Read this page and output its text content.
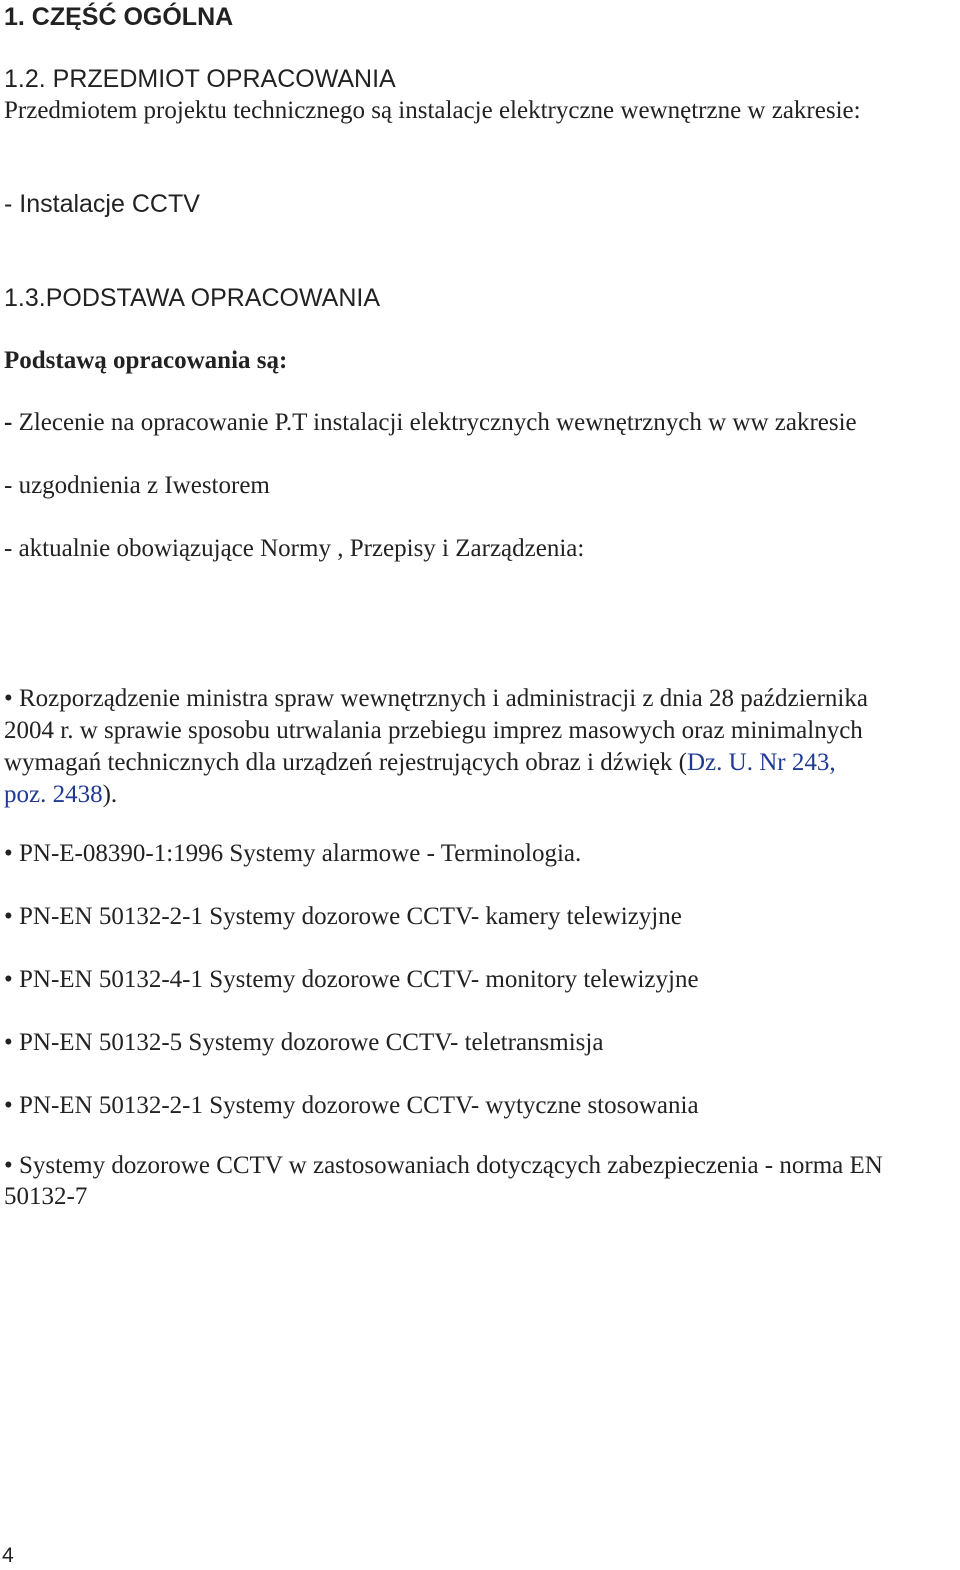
1. CZĘŚĆ OGÓLNA
1.2. PRZEDMIOT OPRACOWANIA
Przedmiotem projektu technicznego są instalacje elektryczne wewnętrzne w zakresie:
- Instalacje CCTV
1.3.PODSTAWA OPRACOWANIA
Podstawą opracowania są:
- Zlecenie na opracowanie P.T instalacji elektrycznych wewnętrznych w ww zakresie
- uzgodnienia z Iwestorem
- aktualnie obowiązujące Normy , Przepisy i Zarządzenia:
• Rozporządzenie ministra spraw wewnętrznych i administracji z dnia 28 października
2004 r. w sprawie sposobu utrwalania przebiegu imprez masowych oraz minimalnych
wymagań technicznych dla urządzeń rejestrujących obraz i dźwięk (Dz. U. Nr 243,
poz. 2438).
• PN-E-08390-1:1996 Systemy alarmowe - Terminologia.
• PN-EN 50132-2-1 Systemy dozorowe CCTV- kamery telewizyjne
• PN-EN 50132-4-1 Systemy dozorowe CCTV- monitory telewizyjne
• PN-EN 50132-5 Systemy dozorowe CCTV- teletransmisja
• PN-EN 50132-2-1 Systemy dozorowe CCTV- wytyczne stosowania
• Systemy dozorowe CCTV w zastosowaniach dotyczących zabezpieczenia - norma EN
50132-7
4
